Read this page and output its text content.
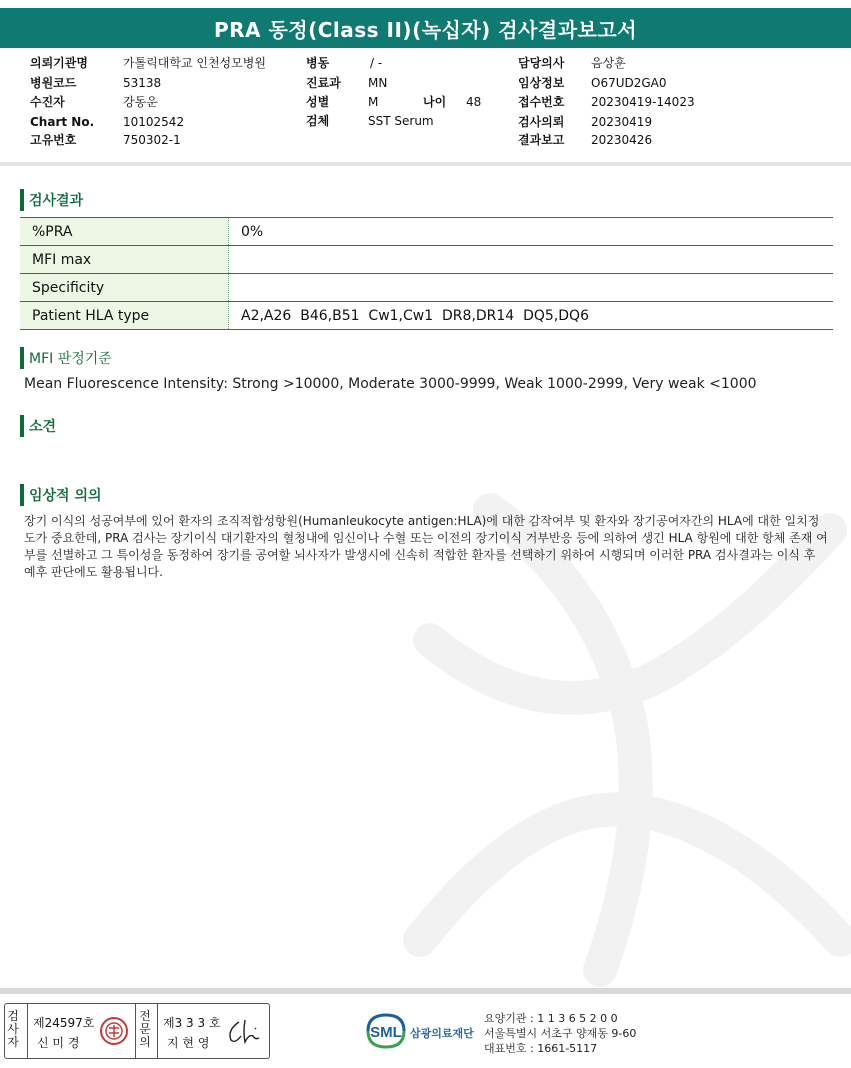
PRA 동정(Class II)(녹십자) 검사결과보고서
의뢰기관명	가톨릭대학교 인천성모병원
병원코드	53138
수진자	강동운
Chart No. 10102542
고유번호	750302-1
병동	/ -
진료과 MN
성별	M	나이 48
검체	SST Serum
담당의사 음상훈
임상정보 O67UD2GA0
접수번호 20230419-14023
검사의뢰 20230419
결과보고 20230426
검사결과
%PRA	0%
MFI max	
Specificity	
Patient HLA type	A2,A26  B46,B51  Cw1,Cw1  DR8,DR14  DQ5,DQ6
MFI 판정기준
Mean Fluorescence Intensity: Strong >10000, Moderate 3000-9999, Weak 1000-2999, Very weak <1000
소견
임상적 의의
장기 이식의 성공여부에 있어 환자의 조직적합성항원(Humanleukocyte antigen:HLA)에 대한 감작여부 및 환자와 장기공여자간의 HLA에 대한 일치정도가 중요한데, PRA 검사는 장기이식 대기환자의 혈청내에 임신이나 수혈 또는 이전의 장기이식 거부반응 등에 의하여 생긴 HLA 항원에 대한 항체 존재 여부를 선별하고 그 특이성을 동정하여 장기를 공여할 뇌사자가 발생시에 신속히 적합한 환자를 선택하기 위하여 시행되며 이러한 PRA 검사결과는 이식 후 예후 판단에도 활용됩니다.
검사자
제24597호
신 미 경
전문의
제3 3 3 호
지 현 영
SML 삼광의료재단
요양기관 : 1 1 3 6 5 2 0 0
서울특별시 서초구 양재동 9-60
대표번호 : 1661-5117
